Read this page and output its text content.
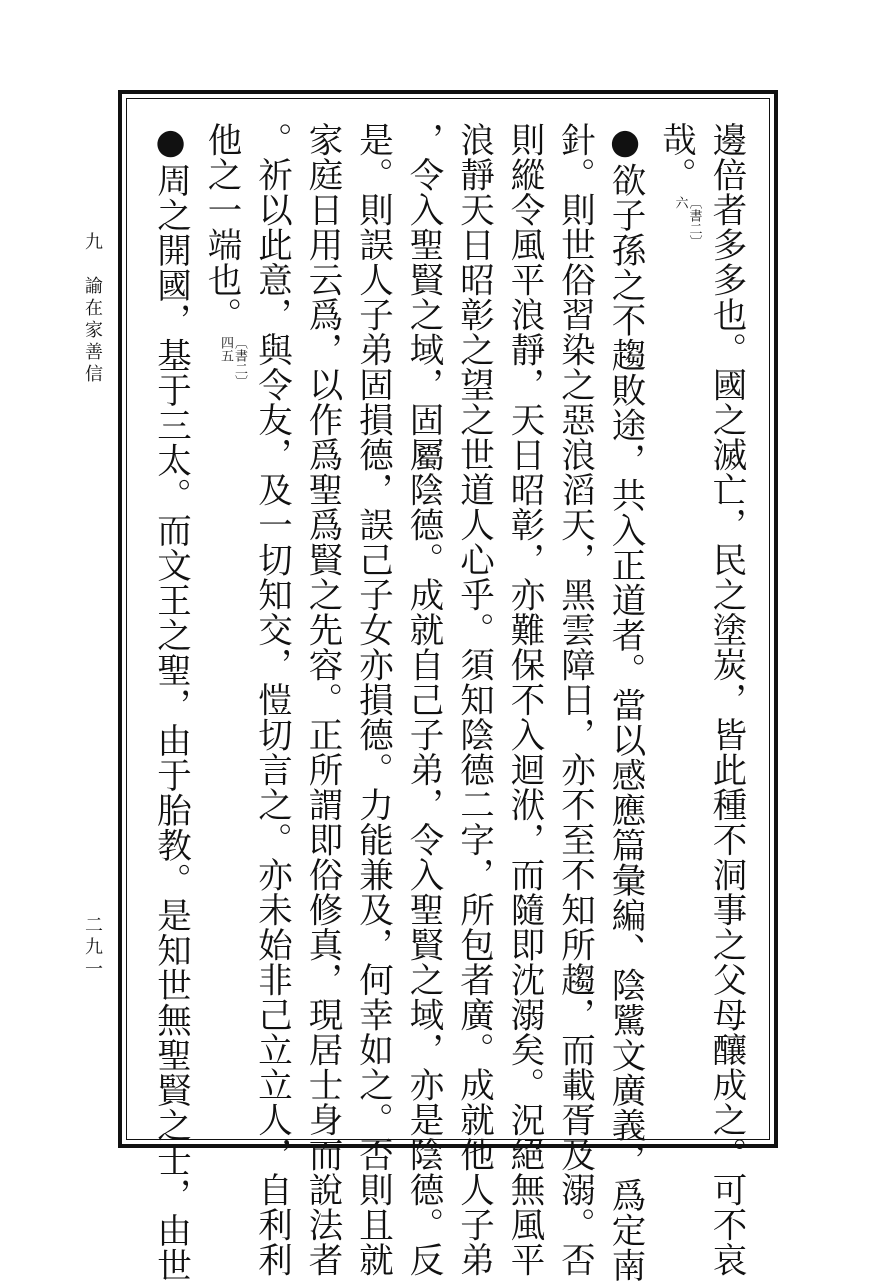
九　諭在家善信
二九一	邊倍者多多也。國之滅亡，民之塗炭，皆此種不洞事之父母釀成之。可不哀
哉。
〔書二〕
六
●欲子孫之不趨敗途，共入正道者。當以感應篇彙編、陰騭文廣義，爲定南
針。則世俗習染之惡浪滔天，黑雲障日，亦不至不知所趨，而載胥及溺。否
則縱令風平浪靜，天日昭彰，亦難保不入迴洑，而隨即沈溺矣。況絕無風平
浪靜天日昭彰之望之世道人心乎。須知陰德二字，所包者廣。成就他人子弟
，令入聖賢之域，固屬陰德。成就自己子弟，令入聖賢之域，亦是陰德。反
是。則誤人子弟固損德，誤己子女亦損德。力能兼及，何幸如之。否則且就
家庭日用云爲，以作爲聖爲賢之先容。正所謂即俗修真，現居士身而說法者
。祈以此意，與令友，及一切知交，愷切言之。亦未始非己立立人，自利利
他之一端也。
〔書二〕
四五
●周之開國，基于三太。而文王之聖，由于胎教。是知世無聖賢之士，由世
